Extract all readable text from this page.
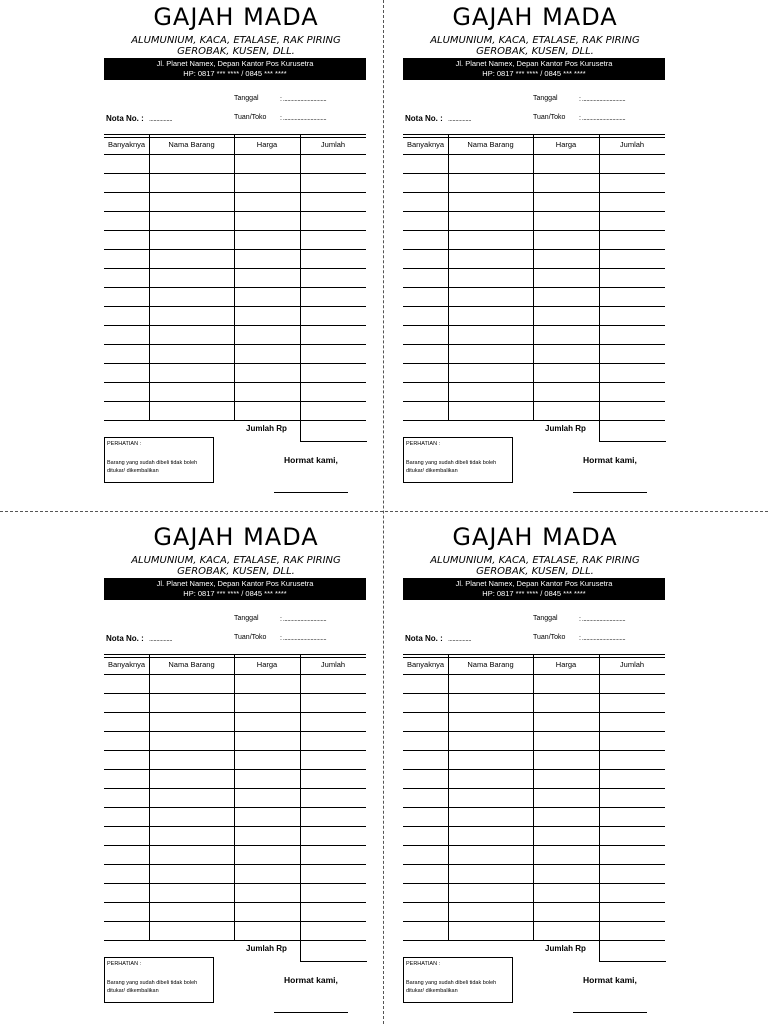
GAJAH MADA
ALUMUNIUM, KACA, ETALASE, RAK PIRING
GEROBAK, KUSEN, DLL.
Jl. Planet Namex, Depan Kantor Pos Kurusetra
HP: 0817 *** **** / 0845 *** ****
Tanggal	: ..............................
Nota No. : ................	Tuan/Toko : ..............................
Banyaknya	Nama Barang	Harga	Jumlah
Jumlah Rp
PERHATIAN :
Barang yang sudah dibeli tidak boleh ditukar/ dikembalikan
Hormat kami,
GAJAH MADA
ALUMUNIUM, KACA, ETALASE, RAK PIRING
GEROBAK, KUSEN, DLL.
Jl. Planet Namex, Depan Kantor Pos Kurusetra
HP: 0817 *** **** / 0845 *** ****
Tanggal	: ..............................
Nota No. : ................	Tuan/Toko : ..............................
Banyaknya	Nama Barang	Harga	Jumlah
Jumlah Rp
PERHATIAN :
Barang yang sudah dibeli tidak boleh ditukar/ dikembalikan
Hormat kami,
GAJAH MADA
ALUMUNIUM, KACA, ETALASE, RAK PIRING
GEROBAK, KUSEN, DLL.
Jl. Planet Namex, Depan Kantor Pos Kurusetra
HP: 0817 *** **** / 0845 *** ****
Tanggal	: ..............................
Nota No. : ................	Tuan/Toko : ..............................
Banyaknya	Nama Barang	Harga	Jumlah
Jumlah Rp
PERHATIAN :
Barang yang sudah dibeli tidak boleh ditukar/ dikembalikan
Hormat kami,
GAJAH MADA
ALUMUNIUM, KACA, ETALASE, RAK PIRING
GEROBAK, KUSEN, DLL.
Jl. Planet Namex, Depan Kantor Pos Kurusetra
HP: 0817 *** **** / 0845 *** ****
Tanggal	: ..............................
Nota No. : ................	Tuan/Toko : ..............................
Banyaknya	Nama Barang	Harga	Jumlah
Jumlah Rp
PERHATIAN :
Barang yang sudah dibeli tidak boleh ditukar/ dikembalikan
Hormat kami,
